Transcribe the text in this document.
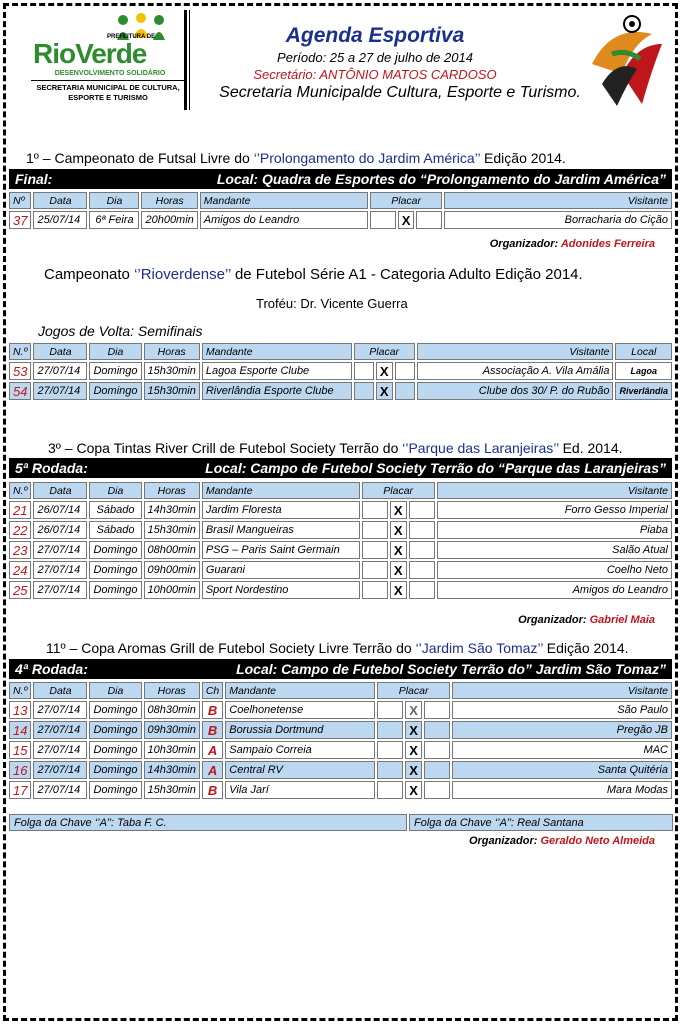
PREFEITURA DE
RioVerde
DESENVOLVIMENTO SOLIDÁRIO
SECRETARIA MUNICIPAL DE CULTURA, ESPORTE E TURISMO
Agenda Esportiva
Período: 25 a 27 de julho de 2014
Secretário: ANTÔNIO MATOS CARDOSO
Secretaria Municipalde Cultura, Esporte e Turismo.
1º – Campeonato de Futsal Livre do ‘’Prolongamento do Jardim América’’ Edição 2014.
Final:	Local: Quadra de Esportes do “Prolongamento do Jardim América”
Nº	Data	Dia	Horas	Mandante	Placar			Visitante
37	25/07/14	6ª Feira	20h00min	Amigos do Leandro		X		Borracharia do Cição
Organizador: Adonides Ferreira
Campeonato ‘’Rioverdense’’ de Futebol Série A1 - Categoria Adulto Edição 2014.
Troféu: Dr. Vicente Guerra
Jogos de Volta: Semifinais
N.º	Data	Dia	Horas	Mandante	Placar			Visitante	Local
53	27/07/14	Domingo	15h30min	Lagoa Esporte Clube		X		Associação A. Vila Amália	Lagoa
54	27/07/14	Domingo	15h30min	Riverlândia Esporte Clube		X		Clube dos 30/ P. do Rubão	Riverlândia
3º – Copa Tintas River Crill de Futebol Society Terrão do ‘’Parque das Laranjeiras’’ Ed. 2014.
5ª Rodada:	Local: Campo de Futebol Society Terrão do “Parque das Laranjeiras”
N.º	Data	Dia	Horas	Mandante	Placar			Visitante
21	26/07/14	Sábado	14h30min	Jardim Floresta		X		Forro Gesso Imperial
22	26/07/14	Sábado	15h30min	Brasil Mangueiras		X		Piaba
23	27/07/14	Domingo	08h00min	PSG – Paris Saint Germain		X		Salão Atual
24	27/07/14	Domingo	09h00min	Guarani		X		Coelho Neto
25	27/07/14	Domingo	10h00min	Sport Nordestino		X		Amigos do Leandro
Organizador: Gabriel Maia
11º – Copa Aromas Grill de Futebol Society Livre Terrão do ‘’Jardim São Tomaz’’ Edição 2014.
4ª Rodada:	Local: Campo de Futebol Society Terrão do” Jardim São Tomaz”
N.º	Data	Dia	Horas	Ch	Mandante	Placar			Visitante
13	27/07/14	Domingo	08h30min	B	Coelhonetense		X		São Paulo
14	27/07/14	Domingo	09h30min	B	Borussia Dortmund		X		Pregão JB
15	27/07/14	Domingo	10h30min	A	Sampaio Correia		X		MAC
16	27/07/14	Domingo	14h30min	A	Central RV		X		Santa Quitéria
17	27/07/14	Domingo	15h30min	B	Vila Jarí		X		Mara Modas
Folga da Chave ‘’A’’: Taba F. C.	Folga da Chave ‘’A’’: Real Santana
Organizador: Geraldo Neto Almeida
